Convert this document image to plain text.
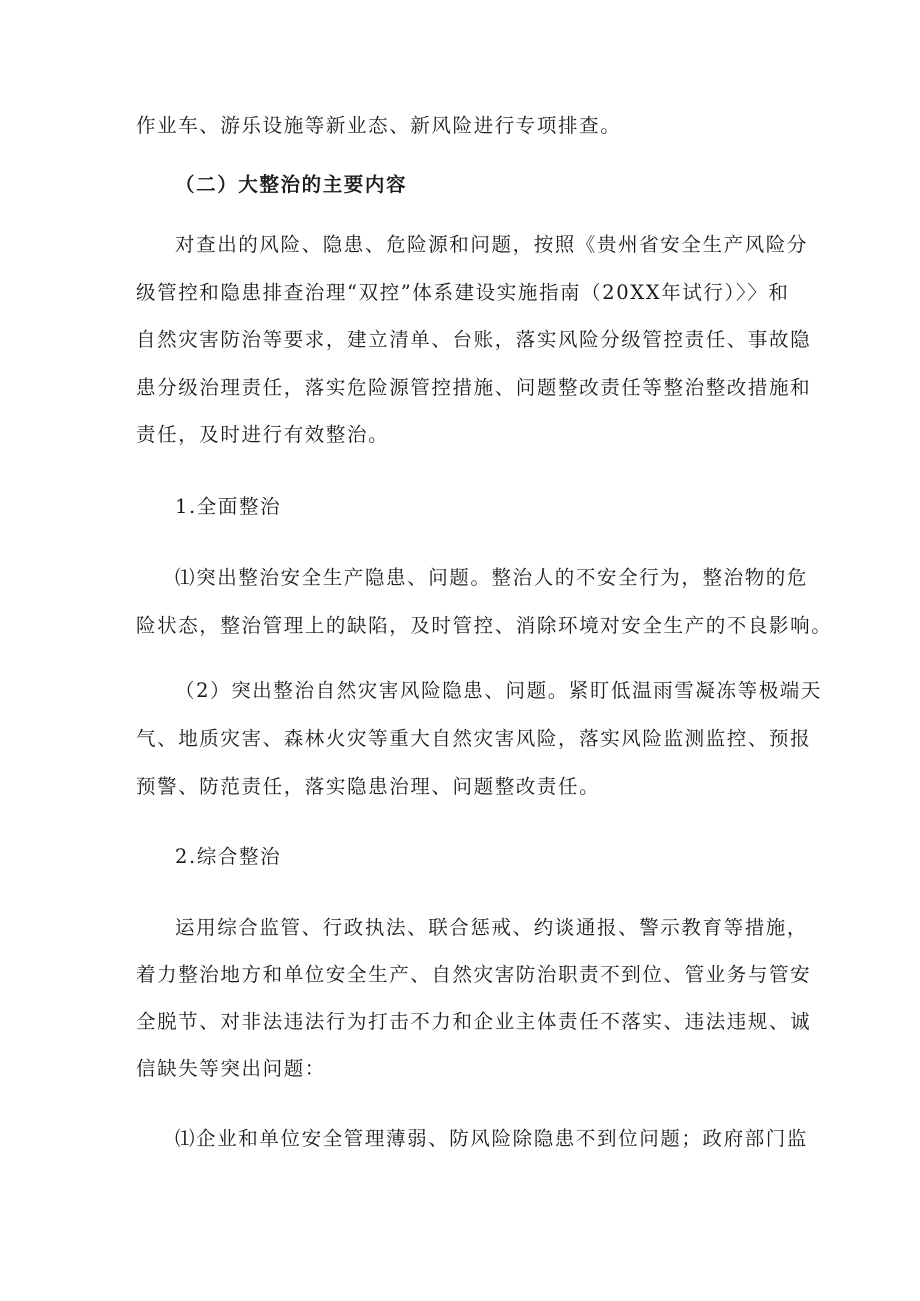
作业车、游乐设施等新业态、新风险进行专项排查。
（二）大整治的主要内容
对查出的风险、隐患、危险源和问题，按照《贵州省安全生产风险分
级管控和隐患排查治理“双控”体系建设实施指南（20XX年试行）〉〉和
自然灾害防治等要求，建立清单、台账，落实风险分级管控责任、事故隐
患分级治理责任，落实危险源管控措施、问题整改责任等整治整改措施和
责任，及时进行有效整治。
1.全面整治
⑴突出整治安全生产隐患、问题。整治人的不安全行为，整治物的危
险状态，整治管理上的缺陷，及时管控、消除环境对安全生产的不良影响。
（2）突出整治自然灾害风险隐患、问题。紧盯低温雨雪凝冻等极端天
气、地质灾害、森林火灾等重大自然灾害风险，落实风险监测监控、预报
预警、防范责任，落实隐患治理、问题整改责任。
2.综合整治
运用综合监管、行政执法、联合惩戒、约谈通报、警示教育等措施，
着力整治地方和单位安全生产、自然灾害防治职责不到位、管业务与管安
全脱节、对非法违法行为打击不力和企业主体责任不落实、违法违规、诚
信缺失等突出问题：
⑴企业和单位安全管理薄弱、防风险除隐患不到位问题；政府部门监
